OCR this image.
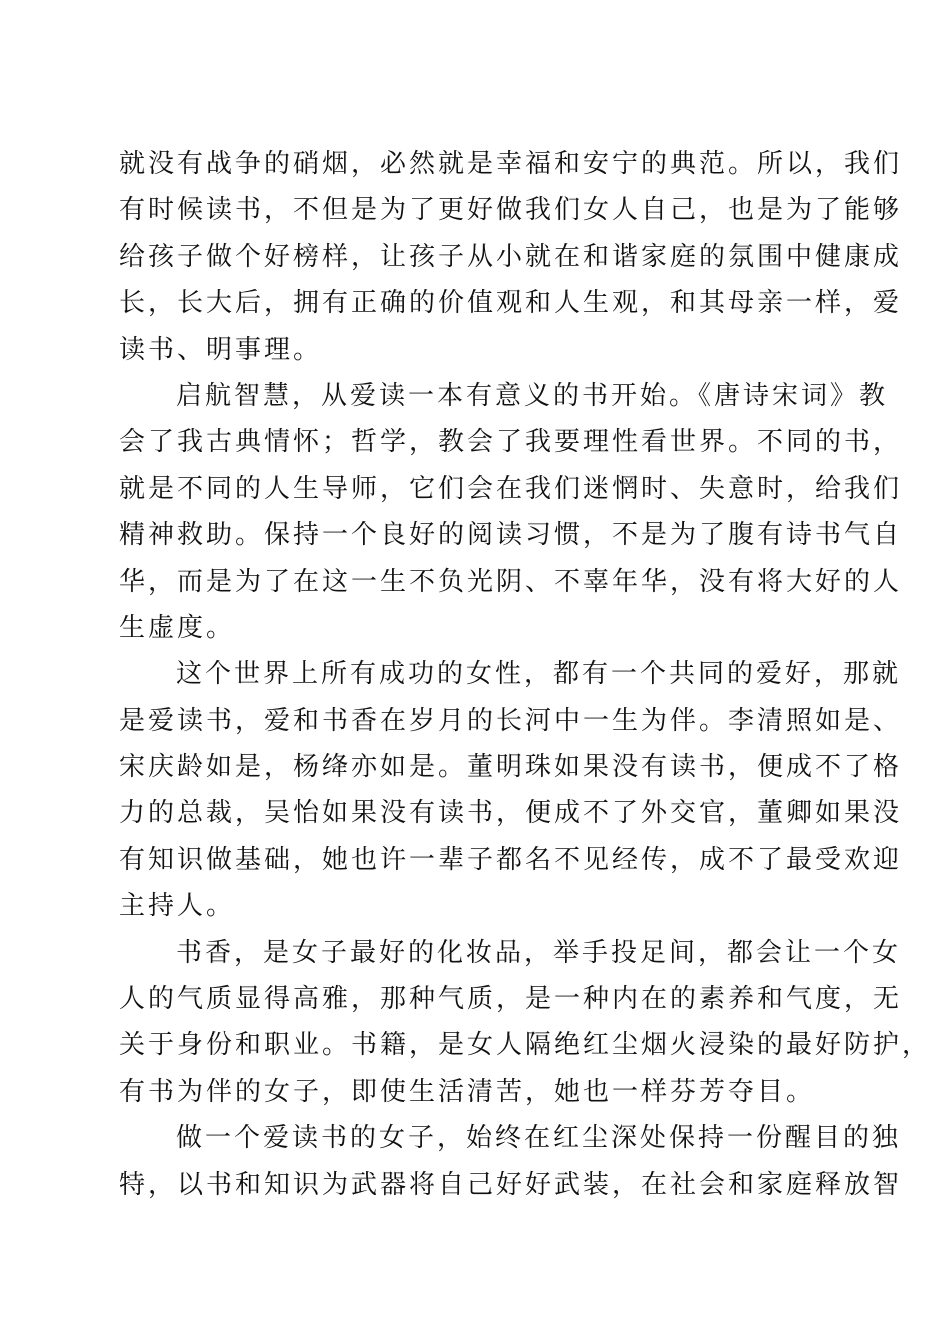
就没有战争的硝烟，必然就是幸福和安宁的典范。所以，我们
有时候读书，不但是为了更好做我们女人自己，也是为了能够
给孩子做个好榜样，让孩子从小就在和谐家庭的氛围中健康成
长，长大后，拥有正确的价值观和人生观，和其母亲一样，爱
读书、明事理。
启航智慧，从爱读一本有意义的书开始。《唐诗宋词》教
会了我古典情怀；哲学，教会了我要理性看世界。不同的书，
就是不同的人生导师，它们会在我们迷惘时、失意时，给我们
精神救助。保持一个良好的阅读习惯，不是为了腹有诗书气自
华，而是为了在这一生不负光阴、不辜年华，没有将大好的人
生虚度。
这个世界上所有成功的女性，都有一个共同的爱好，那就
是爱读书，爱和书香在岁月的长河中一生为伴。李清照如是、
宋庆龄如是，杨绛亦如是。董明珠如果没有读书，便成不了格
力的总裁，吴怡如果没有读书，便成不了外交官，董卿如果没
有知识做基础，她也许一辈子都名不见经传，成不了最受欢迎
主持人。
书香，是女子最好的化妆品，举手投足间，都会让一个女
人的气质显得高雅，那种气质，是一种内在的素养和气度，无
关于身份和职业。书籍，是女人隔绝红尘烟火浸染的最好防护，
有书为伴的女子，即使生活清苦，她也一样芬芳夺目。
做一个爱读书的女子，始终在红尘深处保持一份醒目的独
特，以书和知识为武器将自己好好武装，在社会和家庭释放智
